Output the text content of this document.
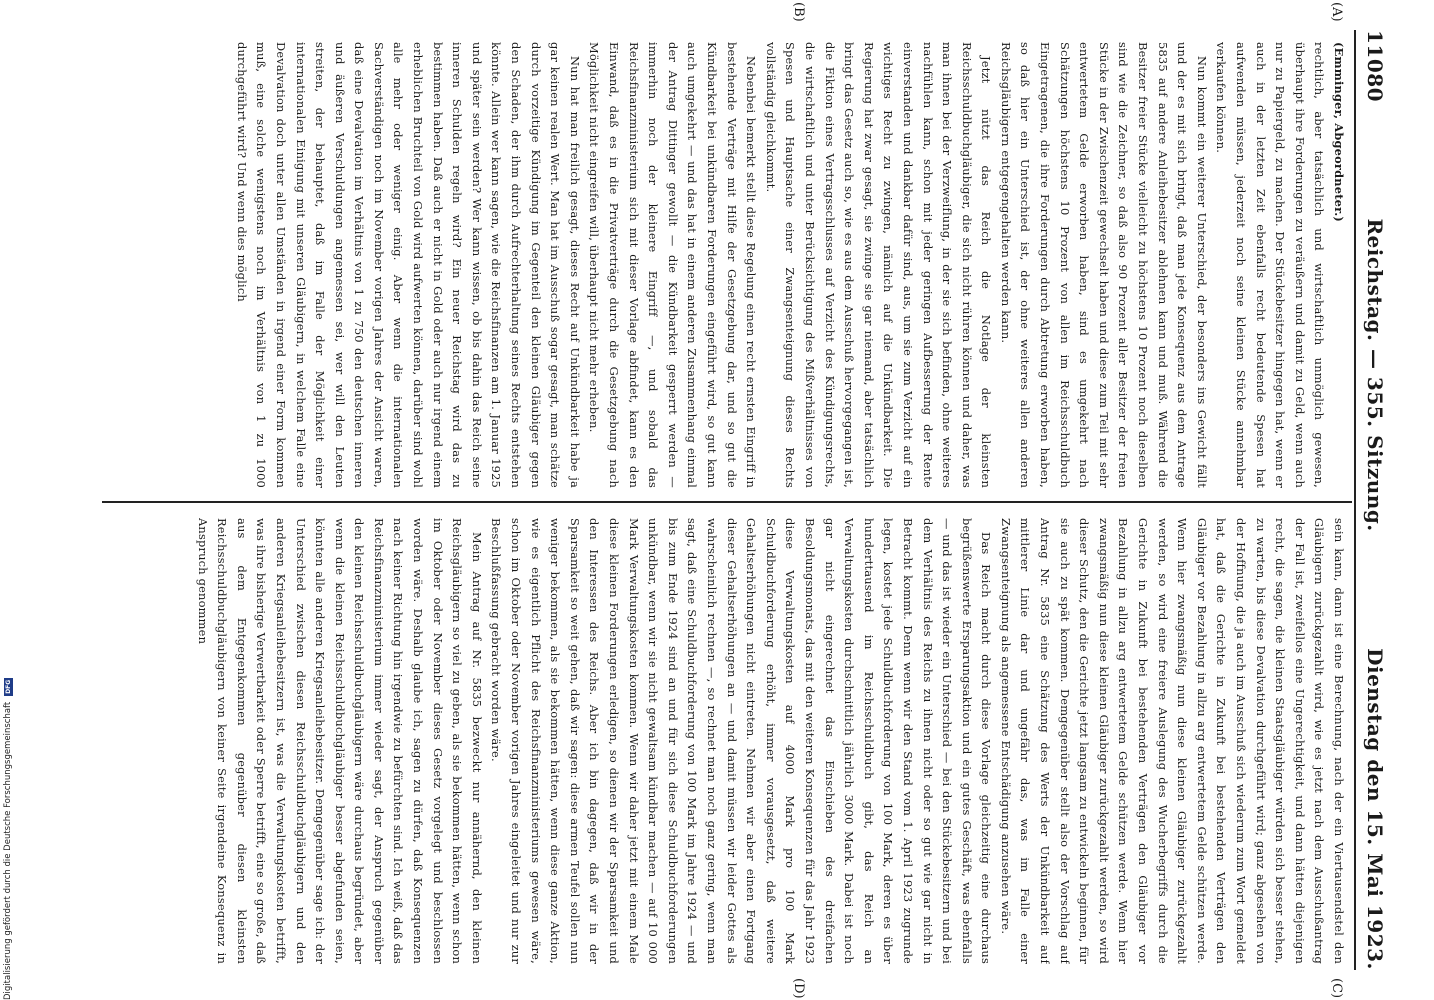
11080
Reichstag. — 355. Sitzung.
Dienstag den 15. Mai 1923.
(A)
(B)
(C)
(D)

(Emminger, Abgeordneter.)

rechtlich, aber tatsächlich und wirtschaftlich unmöglich gewesen, überhaupt ihre Forderungen zu veräußern und damit zu Geld, wenn auch nur zu Papiergeld, zu machen. Der Stückebesitzer hingegen hat, wenn er auch in der letzten Zeit ebenfalls recht bedeutende Spesen hat aufwenden müssen, jederzeit noch seine kleinen Stücke annehmbar verkaufen können.

Nun kommt ein weiterer Unterschied, der besonders ins Gewicht fällt und der es mit sich bringt, daß man jede Konsequenz aus dem Antrage 5835 auf andere Anleihebesitzer ablehnen kann und muß. Während die Besitzer freier Stücke vielleicht zu höchstens 10 Prozent noch dieselben sind wie die Zeichner, so daß also 90 Prozent aller Besitzer der freien Stücke in der Zwischenzeit gewechselt haben und diese zum Teil mit sehr entwertetem Gelde erworben haben, sind es umgekehrt nach Schätzungen höchstens 10 Prozent von allen im Reichsschuldbuch Eingetragenen, die ihre Forderungen durch Abtretung erworben haben, so daß hier ein Unterschied ist, der ohne weiteres allen anderen Reichsgläubigern entgegengehalten werden kann.

Jetzt nützt das Reich die Notlage der kleinsten Reichsschuldbuchgläubiger, die sich nicht rühren können und daher, was man ihnen bei der Verzweiflung, in der sie sich befinden, ohne weiteres nachfühlen kann, schon mit jeder geringen Aufbesserung der Rente einverstanden und dankbar dafür sind, aus, um sie zum Verzicht auf ein wichtiges Recht zu zwingen, nämlich auf die Unkündbarkeit. Die Regierung hat zwar gesagt, sie zwinge sie gar niemand, aber tatsächlich bringt das Gesetz auch so, wie es aus dem Ausschuß hervorgegangen ist, die Fiktion eines Vertragsschlusses auf Verzicht des Kündigungsrechts, die wirtschaftlich und unter Berücksichtigung des Mißverhältnisses von Spesen und Hauptsache einer Zwangsenteignung dieses Rechts vollständig gleichkommt.

Nebenbei bemerkt stellt diese Regelung einen recht ernsten Eingriff in bestehende Verträge mit Hilfe der Gesetzgebung dar, und so gut die Kündbarkeit bei unkündbaren Forderungen eingeführt wird, so gut kann auch umgekehrt — und das hat in einem anderen Zusammenhang einmal der Antrag Dittinger gewollt — die Kündbarkeit gesperrt werden — immerhin noch der kleinere Eingriff —, und sobald das Reichsfinanzministerium sich mit dieser Vorlage abfindet, kann es den Einwand, daß es in die Privatverträge durch die Gesetzgebung nach Möglichkeit nicht eingreifen will, überhaupt nicht mehr erheben.

Nun hat man freilich gesagt, dieses Recht auf Unkündbarkeit habe ja gar keinen realen Wert. Man hat im Ausschuß sogar gesagt, man schätze durch vorzeitige Kündigung im Gegenteil den kleinen Gläubiger gegen den Schaden, der ihm durch Aufrechterhaltung seines Rechts entstehen könnte. Allein wer kann sagen, wie die Reichsfinanzen am 1. Januar 1925 und später sein werden? Wer kann wissen, ob bis dahin das Reich seine inneren Schulden regeln wird? Ein neuer Reichstag wird das zu bestimmen haben. Daß auch er nicht in Gold oder auch nur irgend einem erheblichen Bruchteil von Gold wird aufwerten können, darüber sind wohl alle mehr oder weniger einig. Aber wenn die internationalen Sachverständigen noch im November vorigen Jahres der Ansicht waren, daß eine Devalvation im Verhältnis von 1 zu 750 den deutschen inneren und äußeren Verschuldungen angemessen sei, wer will den Leuten streiten, der behauptet, daß im Falle der Möglichkeit einer internationalen Einigung mit unseren Gläubigern, in welchem Falle eine Devalvation doch unter allen Umständen in irgend einer Form kommen muß, eine solche wenigstens noch im Verhältnis von 1 zu 1000 durchgeführt wird? Und wenn dies möglich

sein kann, dann ist eine Berechnung, nach der ein Viertausendstel den Gläubigern zurückgezahlt wird, wie es jetzt nach dem Ausschußantrag der Fall ist, zweifellos eine Ungerechtigkeit, und dann hätten diejenigen recht, die sagen, die kleinen Staatsgläubiger würden sich besser stehen, zu warten, bis diese Devalvation durchgeführt wird; ganz abgesehen von der Hoffnung, die ja auch im Ausschuß sich wiederum zum Wort gemeldet hat, daß die Gerichte in Zukunft bei bestehenden Verträgen den Gläubiger vor Bezahlung in allzu arg entwertetem Gelde schützen werde. Wenn hier zwangsmäßig nun diese kleinen Gläubiger zurückgezahlt werden, so wird eine freiere Auslegung des Wucherbegriffs durch die Gerichte in Zukunft bei bestehenden Verträgen den Gläubiger vor Bezahlung in allzu arg entwertetem Gelde schützen werde. Wenn hier zwangsmäßig nun diese kleinen Gläubiger zurückgezahlt werden, so wird dieser Schutz, den die Gerichte jetzt langsam zu entwickeln beginnen, für sie auch zu spät kommen. Demgegenüber stellt also der Vorschlag auf Antrag Nr. 5835 eine Schätzung des Werts der Unkündbarkeit auf mittlerer Linie dar und ungefähr das, was im Falle einer Zwangsenteignung als angemessene Entschädigung anzusehen wäre.

Das Reich macht durch diese Vorlage gleichzeitig eine durchaus begrüßenswerte Ersparungsaktion und ein gutes Geschäft, was ebenfalls — und das ist wieder ein Unterschied — bei den Stückebesitzern und bei dem Verhältnis des Reichs zu ihnen nicht oder so gut wie gar nicht in Betracht kommt. Denn wenn wir den Stand vom 1. April 1923 zugrunde legen, kostet jede Schuldbuchforderung von 100 Mark, deren es über hunderttausend im Reichsschuldbuch gibt, das Reich an Verwaltungskosten durchschnittlich jährlich 3000 Mark. Dabei ist noch gar nicht eingerechnet das Einschieben des dreifachen Besoldungsmonats, das mit den weiteren Konsequenzen für das Jahr 1923 diese Verwaltungskosten auf 4000 Mark pro 100 Mark Schuldbuchforderung erhöht, immer vorausgesetzt, daß weitere Gehaltserhöhungen nicht eintreten. Nehmen wir aber einen Fortgang dieser Gehaltserhöhungen an — und damit müssen wir leider Gottes als wahrscheinlich rechnen —, so rechnet man noch ganz gering, wenn man sagt, daß eine Schuldbuchforderung von 100 Mark im Jahre 1924 — und bis zum Ende 1924 sind an und für sich diese Schuldbuchforderungen unkündbar, wenn wir sie nicht gewaltsam kündbar machen — auf 10 000 Mark Verwaltungskosten kommen. Wenn wir daher jetzt mit einem Male diese kleinen Forderungen erledigen, so dienen wir der Sparsamkeit und den Interessen des Reichs. Aber ich bin dagegen, daß wir in der Sparsamkeit so weit gehen, daß wir sagen: diese armen Teufel sollen nun weniger bekommen, als sie bekommen hätten, wenn diese ganze Aktion, wie es eigentlich Pflicht des Reichsfinanzministeriums gewesen wäre, schon im Oktober oder November vorigen Jahres eingeleitet und nur zur Beschlußfassung gebracht worden wäre.

Mein Antrag auf Nr. 5835 bezweckt nur annähernd, den kleinen Reichsgläubigern so viel zu geben, als sie bekommen hätten, wenn schon im Oktober oder November dieses Gesetz vorgelegt und beschlossen worden wäre. Deshalb glaube ich, sagen zu dürfen, daß Konsequenzen nach keiner Richtung hin irgendwie zu befürchten sind. Ich weiß, daß das Reichsfinanzministerium immer wieder sagt, der Anspruch gegenüber den kleinen Reichsschuldbuchgläubigern wäre durchaus begründet, aber wenn die kleinen Reichsschuldbuchgläubiger besser abgefunden seien, könnten alle anderen Kriegsanleihebesitzer. Demgegenüber sage ich: der Unterschied zwischen diesen Reichsschuldbuchgläubigern und den anderen Kriegsanleihebesitzern ist, was die Verwaltungskosten betrifft, was ihre bisherige Verwertbarkeit oder Sperre betrifft, eine so große, daß aus dem Entgegenkommen gegenüber diesen kleinsten Reichsschuldbuchgläubigern von keiner Seite irgendeine Konsequenz in Anspruch genommen

Digitalisierung gefördert durch die Deutsche Forschungsgemeinschaft
DFG
